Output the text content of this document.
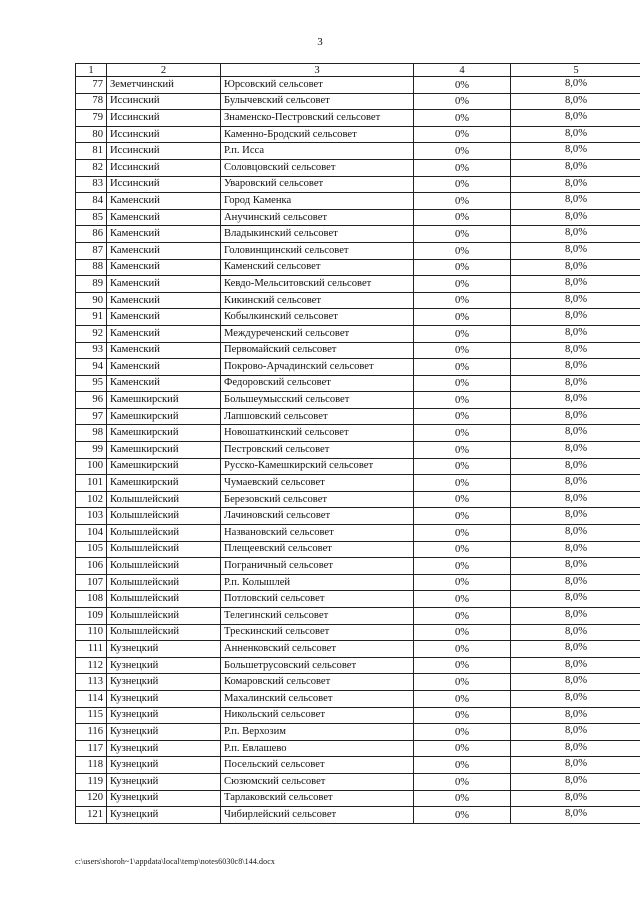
3
1	2	3	4	5
77	Земетчинский	Юрсовский сельсовет	0%	8,0%
78	Иссинский	Булычевский сельсовет	0%	8,0%
79	Иссинский	Знаменско-Пестровский сельсовет	0%	8,0%
80	Иссинский	Каменно-Бродский сельсовет	0%	8,0%
81	Иссинский	Р.п. Исса	0%	8,0%
82	Иссинский	Соловцовский сельсовет	0%	8,0%
83	Иссинский	Уваровский сельсовет	0%	8,0%
84	Каменский	Город Каменка	0%	8,0%
85	Каменский	Анучинский сельсовет	0%	8,0%
86	Каменский	Владыкинский сельсовет	0%	8,0%
87	Каменский	Головинщинский сельсовет	0%	8,0%
88	Каменский	Каменский сельсовет	0%	8,0%
89	Каменский	Кевдо-Мельситовский сельсовет	0%	8,0%
90	Каменский	Кикинский сельсовет	0%	8,0%
91	Каменский	Кобылкинский сельсовет	0%	8,0%
92	Каменский	Междуреченский сельсовет	0%	8,0%
93	Каменский	Первомайский сельсовет	0%	8,0%
94	Каменский	Покрово-Арчадинский сельсовет	0%	8,0%
95	Каменский	Федоровский сельсовет	0%	8,0%
96	Камешкирский	Большеумысский сельсовет	0%	8,0%
97	Камешкирский	Лапшовский сельсовет	0%	8,0%
98	Камешкирский	Новошаткинский сельсовет	0%	8,0%
99	Камешкирский	Пестровский сельсовет	0%	8,0%
100	Камешкирский	Русско-Камешкирский сельсовет	0%	8,0%
101	Камешкирский	Чумаевский сельсовет	0%	8,0%
102	Колышлейский	Березовский сельсовет	0%	8,0%
103	Колышлейский	Лачиновский сельсовет	0%	8,0%
104	Колышлейский	Названовский сельсовет	0%	8,0%
105	Колышлейский	Плещеевский сельсовет	0%	8,0%
106	Колышлейский	Пограничный сельсовет	0%	8,0%
107	Колышлейский	Р.п. Колышлей	0%	8,0%
108	Колышлейский	Потловский сельсовет	0%	8,0%
109	Колышлейский	Телегинский сельсовет	0%	8,0%
110	Колышлейский	Трескинский сельсовет	0%	8,0%
111	Кузнецкий	Анненковский сельсовет	0%	8,0%
112	Кузнецкий	Большетрусовский сельсовет	0%	8,0%
113	Кузнецкий	Комаровский сельсовет	0%	8,0%
114	Кузнецкий	Махалинский сельсовет	0%	8,0%
115	Кузнецкий	Никольский сельсовет	0%	8,0%
116	Кузнецкий	Р.п. Верхозим	0%	8,0%
117	Кузнецкий	Р.п. Евлашево	0%	8,0%
118	Кузнецкий	Посельский сельсовет	0%	8,0%
119	Кузнецкий	Сюзюмский сельсовет	0%	8,0%
120	Кузнецкий	Тарлаковский сельсовет	0%	8,0%
121	Кузнецкий	Чибирлейский сельсовет	0%	8,0%
c:\users\shoroh~1\appdata\local\temp\notes6030c8\144.docx
